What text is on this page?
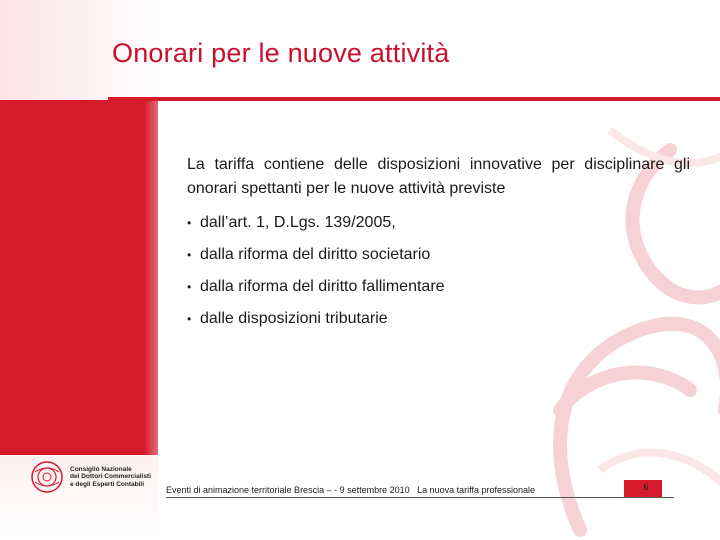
Onorari per le nuove attività

La tariffa contiene delle disposizioni innovative per disciplinare gli onorari spettanti per le nuove attività previste

• dall’art. 1, D.Lgs. 139/2005,
• dalla riforma del diritto societario
• dalla riforma del diritto fallimentare
• dalle disposizioni tributarie
Consiglio Nazionale
dei Dottori Commercialisti
e degli Esperti Contabili
Eventi di animazione territoriale Brescia – - 9 settembre 2010 La nuova tariffa professionale	6
